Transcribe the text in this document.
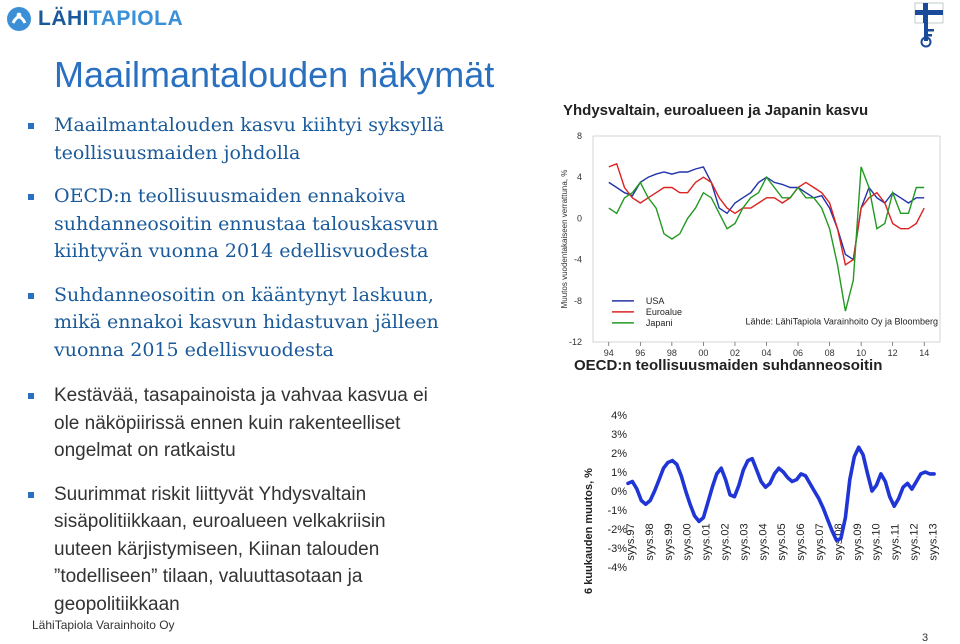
LÄHITAPIOLA
Maailmantalouden näkymät
Maailmantalouden kasvu kiihtyi syksyllä
teollisuusmaiden johdolla
OECD:n teollisuusmaiden ennakoiva
suhdanneosoitin ennustaa talouskasvun
kiihtyvän vuonna 2014 edellisvuodesta
Suhdanneosoitin on kääntynyt laskuun,
mikä ennakoi kasvun hidastuvan jälleen
vuonna 2015 edellisvuodesta
Kestävää, tasapainoista ja vahvaa kasvua ei
ole näköpiirissä ennen kuin rakenteelliset
ongelmat on ratkaistu
Suurimmat riskit liittyvät Yhdysvaltain
sisäpolitiikkaan, euroalueen velkakriisin
uuteen kärjistymiseen, Kiinan talouden
”todelliseen” tilaan, valuuttasotaan ja
geopolitiikkaan
LähiTapiola Varainhoito Oy
3
Yhdysvaltain, euroalueen ja Japanin kasvu
8
4
0
-4
-8
-12
94 96 98 00 02 04 06 08 10 12 14
Muutos vuodentakaiseen verrattuna, %	USA
Euroalue
Japani	Lähde: LähiTapiola Varainhoito Oy ja Bloomberg
OECD:n teollisuusmaiden suhdanneosoitin
4%
3%
2%
1%
0%
-1%
-2%
-3%
-4%
6 kuukauden muutos, %	syys.97 syys.98 syys.99 syys.00 syys.01 syys.02 syys.03 syys.04 syys.05 syys.06 syys.07 syys.08 syys.09 syys.10 syys.11 syys.12 syys.13
